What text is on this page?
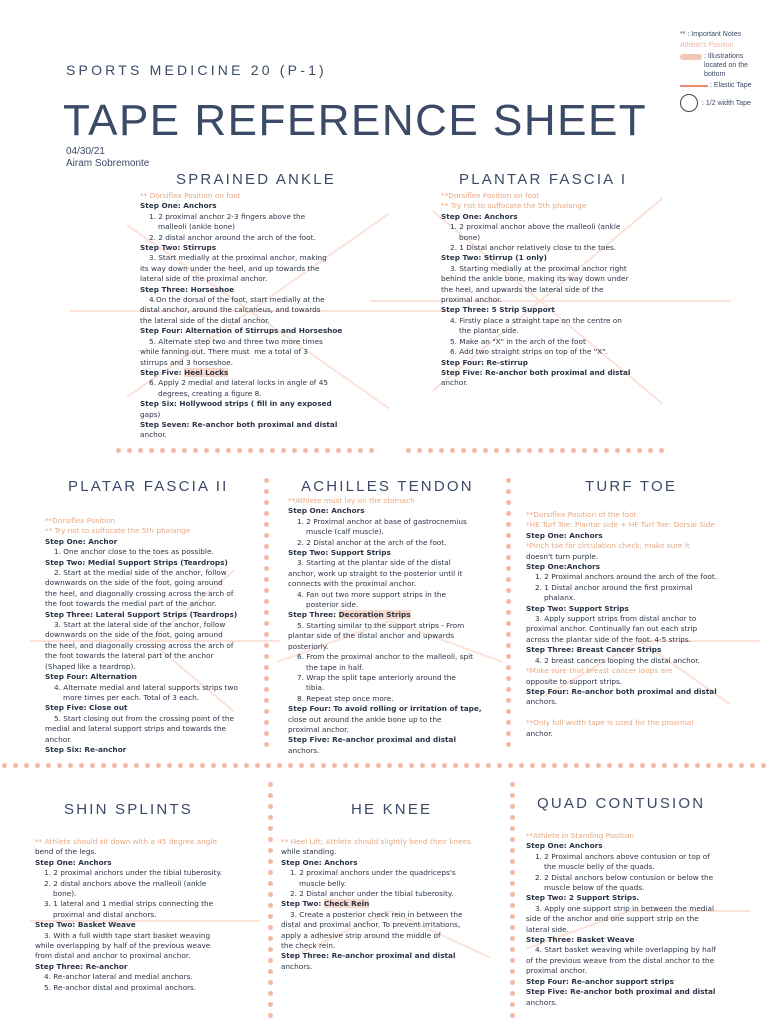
SPORTS MEDICINE 20 (P-1)
TAPE REFERENCE SHEET
04/30/21
Airam Sobremonte
** : Important Notes
Athlete's Position
: Illustrations located on the bottom
: Elastic Tape
: 1/2 width Tape
SPRAINED ANKLE	PLANTAR FASCIA I
PLATAR FASCIA II	ACHILLES TENDON	TURF TOE
SHIN SPLINTS	HE KNEE	QUAD CONTUSION
** Dorsiflex Position on foot
Step One: Anchors
1. 2 proximal anchor 2-3 fingers above the
malleoli (ankle bone)
2. 2 distal anchor around the arch of the foot.
Step Two: Stirrups
3. Start medially at the proximal anchor, making
its way down under the heel, and up towards the
lateral side of the proximal anchor.
Step Three: Horseshoe
4.On the dorsal of the foot, start medially at the
distal anchor, around the calcaneus, and towards
the lateral side of the distal anchor.
Step Four: Alternation of Stirrups and Horseshoe
5. Alternate step two and three two more times
while fanning out. There must  me a total of 3
stirrups and 3 horseshoe.
Step Five: Heel Locks
6. Apply 2 medial and lateral locks in angle of 45
degrees, creating a figure 8.
Step Six: Hollywood strips ( fill in any exposed
gaps)
Step Seven: Re-anchor both proximal and distal
anchor.
**Dorsiflex Position on foot
** Try not to suffocate the 5th phalange
Step One: Anchors
1. 2 proximal anchor above the malleoli (ankle
bone)
2. 1 Distal anchor relatively close to the toes.
Step Two: Stirrup (1 only)
3. Starting medially at the proximal anchor right
behind the ankle bone, making its way down under
the heel, and upwards the lateral side of the
proximal anchor.
Step Three: 5 Strip Support
4. Firstly place a straight tape on the centre on
the plantar side.
5. Make an "X" in the arch of the foot
6. Add two straight strips on top of the "X".
Step Four: Re-stirrup
Step Five: Re-anchor both proximal and distal
anchor.
**Dorsiflex Position
** Try not to suffocate the 5th phalange
Step One: Anchor
1. One anchor close to the toes as possible.
Step Two: Medial Support Strips (Teardrops)
2. Start at the medial side of the anchor, follow
downwards on the side of the foot, going around
the heel, and diagonally crossing across the arch of
the foot towards the medial part of the anchor.
Step Three: Lateral Support Strips (Teardrops)
3. Start at the lateral side of the anchor, follow
downwards on the side of the foot, going around
the heel, and diagonally crossing across the arch of
the foot towards the lateral part of the anchor
(Shaped like a teardrop).
Step Four: Alternation
4. Alternate medial and lateral supports strips two
more times per each. Total of 3 each.
Step Five: Close out
5. Start closing out from the crossing point of the
medial and lateral support strips and towards the
anchor.
Step Six: Re-anchor
**Athlete must lay on the stomach
Step One: Anchors
1. 2 Proximal anchor at base of gastrocnemius
muscle (calf muscle).
2. 2 Distal anchor at the arch of the foot.
Step Two: Support Strips
3. Starting at the plantar side of the distal
anchor, work up straight to the posterior until it
connects with the proximal anchor.
4. Fan out two more support strips in the
posterior side.
Step Three: Decoration Strips
5. Starting similar to the support strips - From
plantar side of the distal anchor and upwards
posteriorly.
6. From the proximal anchor to the malleoli, spit
the tape in half.
7. Wrap the split tape anteriorly around the
tibia.
8. Repeat step once more.
Step Four: To avoid rolling or irritation of tape,
close out around the ankle bone up to the
proximal anchor.
Step Five: Re-anchor proximal and distal
anchors.
**Dorsiflex Position of the foot
*HE Turf Toe: Plantar side + HF Turf Toe: Dorsal Side
Step One: Anchors
*Pinch toe for circulation check; make sure it
doesn't turn purple.
Step One:Anchors
1. 2 Proximal anchors around the arch of the foot.
2. 1 Distal anchor around the first proximal
phalanx.
Step Two: Support Strips
3. Apply support strips from distal anchor to
proximal anchor. Continually fan out each strip
across the plantar side of the foot. 4-5 strips.
Step Three: Breast Cancer Strips
4. 2 breast cancers looping the distal anchor.
*Make sure that breast cancer loops are
opposite to support strips.
Step Four: Re-anchor both proximal and distal
anchors.

**Only full width tape is used for the proximal
anchor.
** Athlete should sit down with a 45 degree angle
bend of the legs.
Step One: Anchors
1. 2 proximal anchors under the tibial tuberosity.
2. 2 distal anchors above the malleoli (ankle
bone).
3. 1 lateral and 1 medial strips connecting the
proximal and distal anchors.
Step Two: Basket Weave
3. With a full width tape start basket weaving
while overlapping by half of the previous weave
from distal and anchor to proximal anchor.
Step Three: Re-anchor
4. Re-anchor lateral and medial anchors.
5. Re-anchor distal and proximal anchors.
** Heel Lift; Athlete should slightly bend their knees
while standing.
Step One: Anchors
1. 2 proximal anchors under the quadriceps's
muscle belly.
2. 2 Distal anchor under the tibial tuberosity.
Step Two: Check Rein
3. Create a posterior check rein in between the
distal and proximal anchor. To prevent irritations,
apply a adhesive strip around the middle of
the check rein.
Step Three: Re-anchor proximal and distal
anchors.
**Athlete in Standing Position
Step One: Anchors
1. 2 Proximal anchors above contusion or top of
the muscle belly of the quads.
2. 2 Distal anchors below contusion or below the
muscle below of the quads.
Step Two: 2 Support Strips.
3. Apply one support strip in between the medial
side of the anchor and one support strip on the
lateral side.
Step Three: Basket Weave
4. Start basket weaving while overlapping by half
of the previous weave from the distal anchor to the
proximal anchor.
Step Four: Re-anchor support strips
Step Five: Re-anchor both proximal and distal
anchors.
